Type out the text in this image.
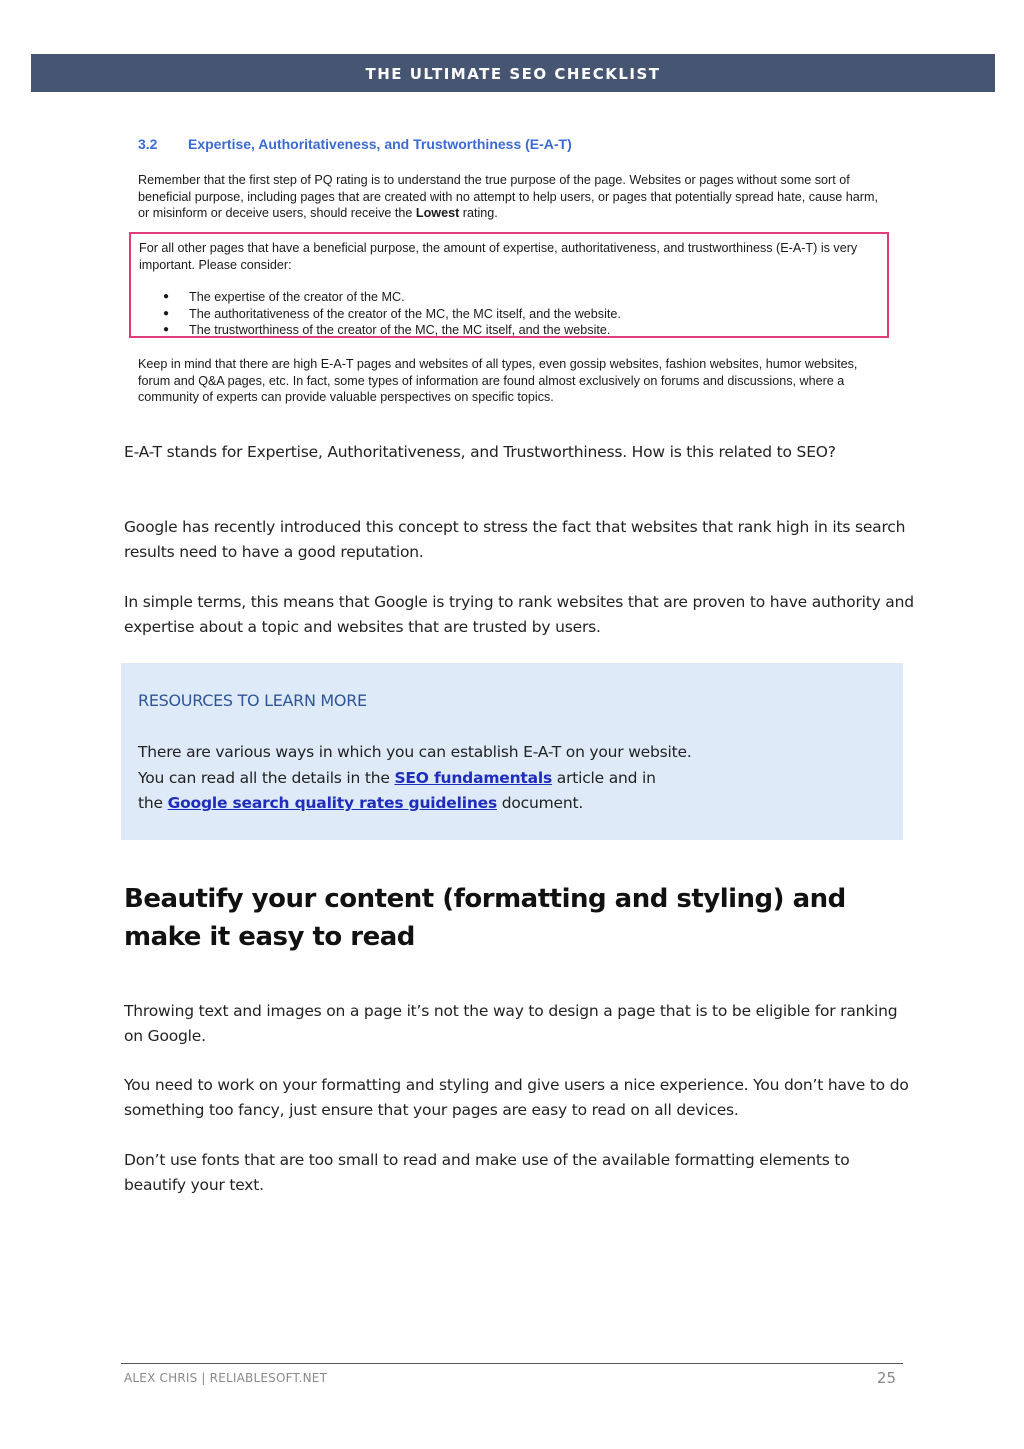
THE ULTIMATE SEO CHECKLIST
3.2 Expertise, Authoritativeness, and Trustworthiness (E-A-T)
Remember that the first step of PQ rating is to understand the true purpose of the page. Websites or pages without some sort of beneficial purpose, including pages that are created with no attempt to help users, or pages that potentially spread hate, cause harm, or misinform or deceive users, should receive the Lowest rating.
For all other pages that have a beneficial purpose, the amount of expertise, authoritativeness, and trustworthiness (E-A-T) is very important. Please consider:
● The expertise of the creator of the MC.
● The authoritativeness of the creator of the MC, the MC itself, and the website.
● The trustworthiness of the creator of the MC, the MC itself, and the website.
Keep in mind that there are high E-A-T pages and websites of all types, even gossip websites, fashion websites, humor websites, forum and Q&A pages, etc. In fact, some types of information are found almost exclusively on forums and discussions, where a community of experts can provide valuable perspectives on specific topics.
E-A-T stands for Expertise, Authoritativeness, and Trustworthiness. How is this related to SEO?
Google has recently introduced this concept to stress the fact that websites that rank high in its search results need to have a good reputation.
In simple terms, this means that Google is trying to rank websites that are proven to have authority and expertise about a topic and websites that are trusted by users.
RESOURCES TO LEARN MORE
There are various ways in which you can establish E-A-T on your website.
You can read all the details in the SEO fundamentals article and in
the Google search quality rates guidelines document.
Beautify your content (formatting and styling) and make it easy to read
Throwing text and images on a page it’s not the way to design a page that is to be eligible for ranking on Google.
You need to work on your formatting and styling and give users a nice experience. You don’t have to do something too fancy, just ensure that your pages are easy to read on all devices.
Don’t use fonts that are too small to read and make use of the available formatting elements to beautify your text.
ALEX CHRIS | RELIABLESOFT.NET	25
